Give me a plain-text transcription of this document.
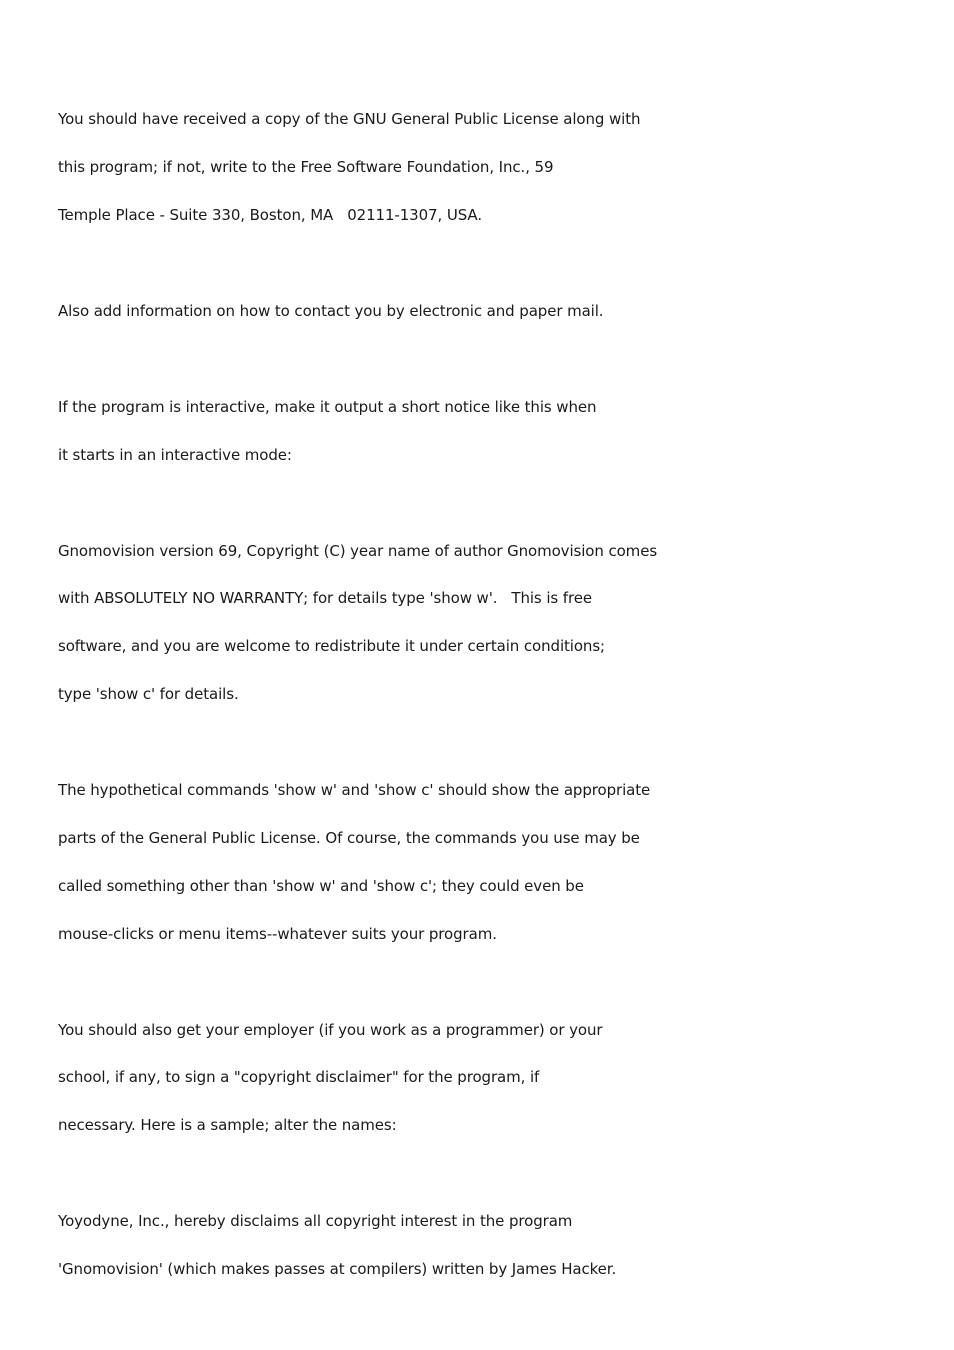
You should have received a copy of the GNU General Public License along with
this program; if not, write to the Free Software Foundation, Inc., 59
Temple Place - Suite 330, Boston, MA   02111-1307, USA.
Also add information on how to contact you by electronic and paper mail.
If the program is interactive, make it output a short notice like this when
it starts in an interactive mode:
Gnomovision version 69, Copyright (C) year name of author Gnomovision comes
with ABSOLUTELY NO WARRANTY; for details type 'show w'.   This is free
software, and you are welcome to redistribute it under certain conditions;
type 'show c' for details.
The hypothetical commands 'show w' and 'show c' should show the appropriate
parts of the General Public License. Of course, the commands you use may be
called something other than 'show w' and 'show c'; they could even be
mouse-clicks or menu items--whatever suits your program.
You should also get your employer (if you work as a programmer) or your
school, if any, to sign a "copyright disclaimer" for the program, if
necessary. Here is a sample; alter the names:
Yoyodyne, Inc., hereby disclaims all copyright interest in the program
'Gnomovision' (which makes passes at compilers) written by James Hacker.
